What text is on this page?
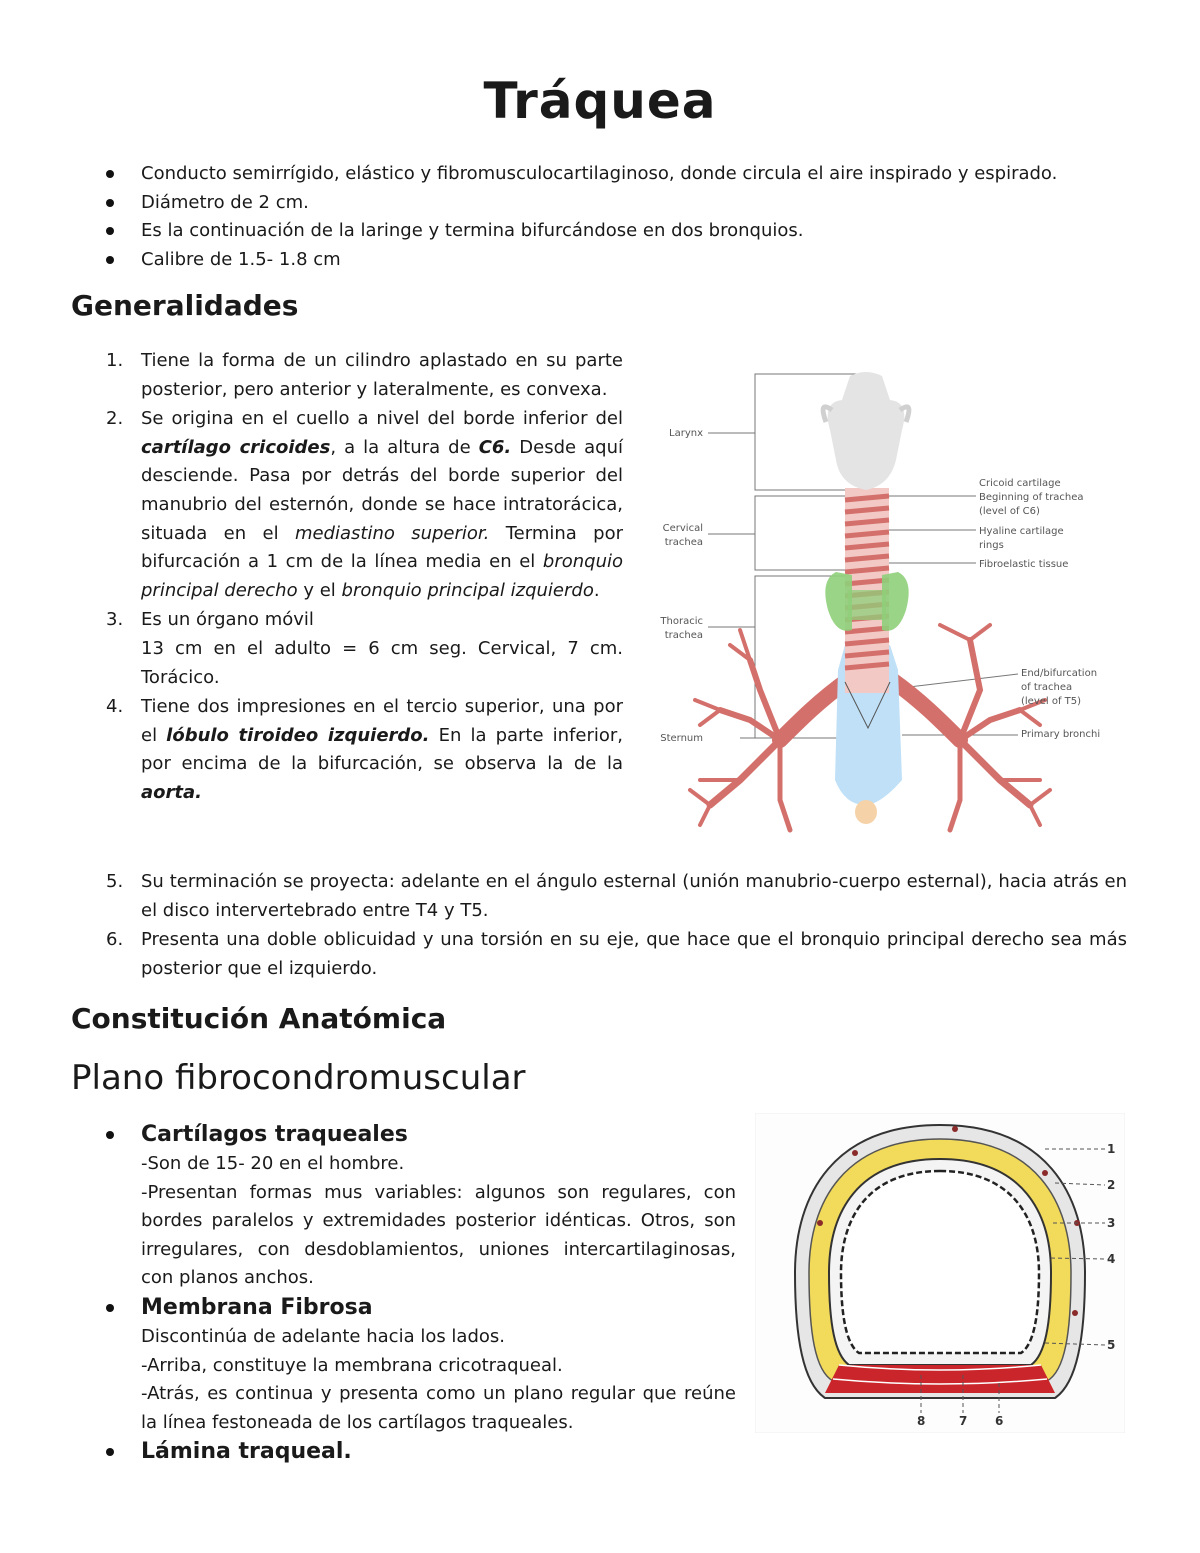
Tráquea
Conducto semirrígido, elástico y fibromusculocartilaginoso, donde circula el aire inspirado y espirado.
Diámetro de 2 cm.
Es la continuación de la laringe y termina bifurcándose en dos bronquios.
Calibre de 1.5- 1.8 cm
Generalidades
1. Tiene la forma de un cilindro aplastado en su parte posterior, pero anterior y lateralmente, es convexa.
2. Se origina en el cuello a nivel del borde inferior del cartílago cricoides, a la altura de C6. Desde aquí desciende. Pasa por detrás del borde superior del manubrio del esternón, donde se hace intratorácica, situada en el mediastino superior. Termina por bifurcación a 1 cm de la línea media en el bronquio principal derecho y el bronquio principal izquierdo.
3. Es un órgano móvil
13 cm en el adulto = 6 cm seg. Cervical, 7 cm. Torácico.
4. Tiene dos impresiones en el tercio superior, una por el lóbulo tiroideo izquierdo. En la parte inferior, por encima de la bifurcación, se observa la de la aorta.
5. Su terminación se proyecta: adelante en el ángulo esternal (unión manubrio-cuerpo esternal), hacia atrás en el disco intervertebrado entre T4 y T5.
6. Presenta una doble oblicuidad y una torsión en su eje, que hace que el bronquio principal derecho sea más posterior que el izquierdo.
Larynx
Cervical
trachea
Thoracic
trachea
Sternum
Cricoid cartilage
Beginning of trachea
(level of C6)
Hyaline cartilage
rings
Fibroelastic tissue
End/bifurcation
of trachea
(level of T5)
Primary bronchi
Constitución Anatómica
Plano fibrocondromuscular
Cartílagos traqueales

-Son de 15- 20 en el hombre.

-Presentan formas mus variables: algunos son regulares, con bordes paralelos y extremidades posterior idénticas. Otros, son irregulares, con desdoblamientos, uniones intercartilaginosas, con planos anchos.

Membrana Fibrosa

Discontinúa de adelante hacia los lados.

-Arriba, constituye la membrana cricotraqueal.

-Atrás, es continua y presenta como un plano regular que reúne la línea festoneada de los cartílagos traqueales.

Lámina traqueal.
1
2
3
4
5
8	7 6
